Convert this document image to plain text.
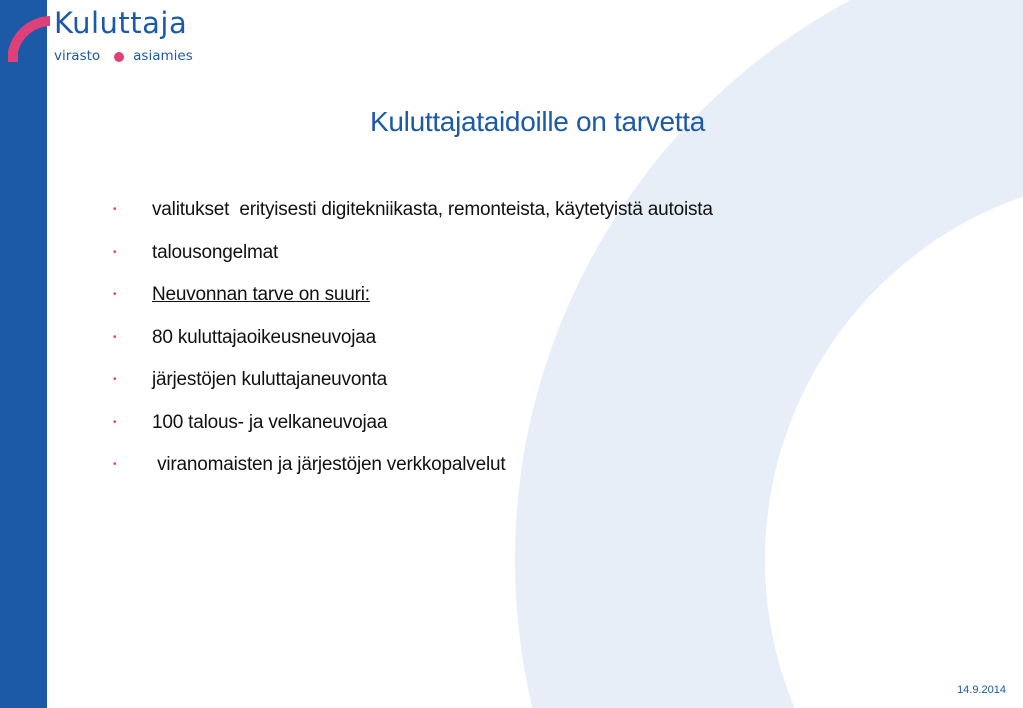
Kuluttaja
virasto asiamies
Kuluttajataidoille on tarvetta
•	valitukset  erityisesti digitekniikasta, remonteista, käytetyistä autoista
•	talousongelmat
•	Neuvonnan tarve on suuri:
•	80 kuluttajaoikeusneuvojaa
•	järjestöjen kuluttajaneuvonta
•	100 talous- ja velkaneuvojaa
•	viranomaisten ja järjestöjen verkkopalvelut
14.9.2014
